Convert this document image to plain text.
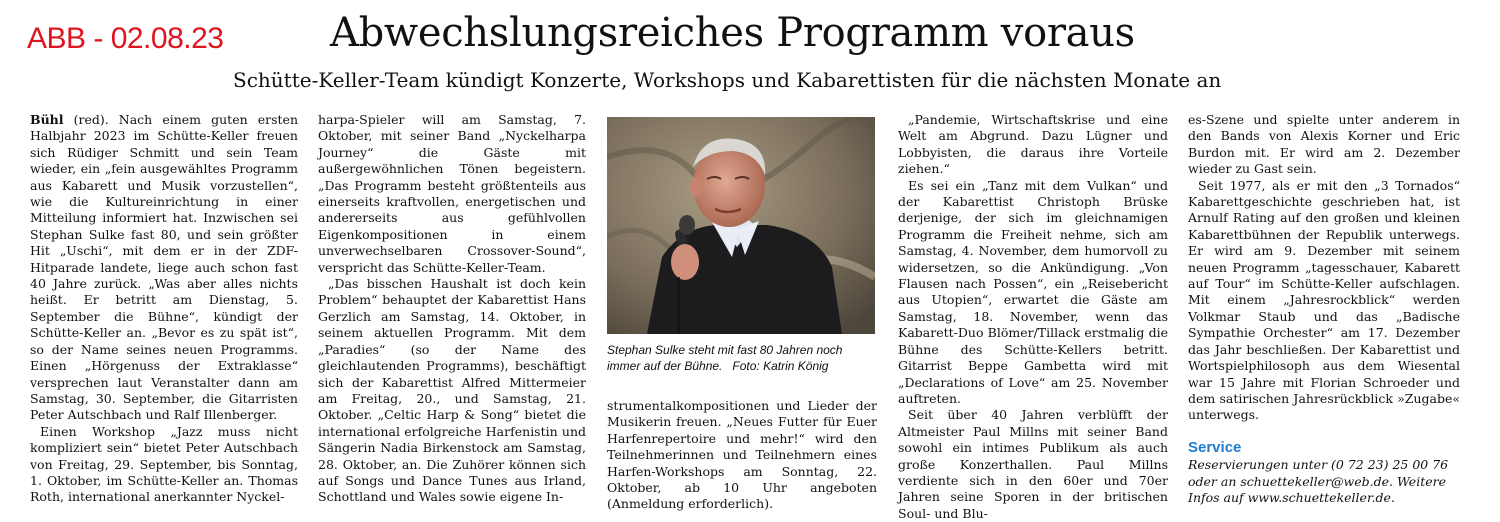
ABB - 02.08.23	Abwechslungsreiches Programm voraus
Schütte-Keller-Team kündigt Konzerte, Workshops und Kabarettisten für die nächsten Monate an

Bühl (red). Nach einem guten ersten Halbjahr 2023 im Schütte-Keller freuen sich Rüdiger Schmitt und sein Team wieder, ein „fein ausgewähltes Programm aus Kabarett und Musik vorzustellen“, wie die Kultureinrichtung in einer Mitteilung informiert hat. Inzwischen sei Stephan Sulke fast 80, und sein größter Hit „Uschi“, mit dem er in der ZDF-Hitparade landete, liege auch schon fast 40 Jahre zurück. „Was aber alles nichts heißt. Er betritt am Dienstag, 5. September die Bühne“, kündigt der Schütte-Keller an. „Bevor es zu spät ist“, so der Name seines neuen Programms. Einen „Hörgenuss der Extraklasse“ versprechen laut Veranstalter dann am Samstag, 30. September, die Gitarristen Peter Autschbach und Ralf Illenberger.

Einen Workshop „Jazz muss nicht kompliziert sein“ bietet Peter Autschbach von Freitag, 29. September, bis Sonntag, 1. Oktober, im Schütte-Keller an. Thomas Roth, international anerkannter Nyckel-

harpa-Spieler will am Samstag, 7. Oktober, mit seiner Band „Nyckelharpa Journey“ die Gäste mit außergewöhnlichen Tönen begeistern. „Das Programm besteht größtenteils aus einerseits kraftvollen, energetischen und andererseits aus gefühlvollen Eigenkompositionen in einem unverwechselbaren Crossover-Sound“, verspricht das Schütte-Keller-Team.

„Das bisschen Haushalt ist doch kein Problem“ behauptet der Kabarettist Hans Gerzlich am Samstag, 14. Oktober, in seinem aktuellen Programm. Mit dem „Paradies“ (so der Name des gleichlautenden Programms), beschäftigt sich der Kabarettist Alfred Mittermeier am Freitag, 20., und Samstag, 21. Oktober. „Celtic Harp & Song“ bietet die international erfolgreiche Harfenistin und Sängerin Nadia Birkenstock am Samstag, 28. Oktober, an. Die Zuhörer können sich auf Songs und Dance Tunes aus Irland, Schottland und Wales sowie eigene In-

Stephan Sulke steht mit fast 80 Jahren noch immer auf der Bühne. Foto: Katrin König

strumentalkompositionen und Lieder der Musikerin freuen. „Neues Futter für Euer Harfenrepertoire und mehr!“ wird den Teilnehmerinnen und Teilnehmern eines Harfen-Workshops am Sonntag, 22. Oktober, ab 10 Uhr angeboten (Anmeldung erforderlich).

„Pandemie, Wirtschaftskrise und eine Welt am Abgrund. Dazu Lügner und Lobbyisten, die daraus ihre Vorteile ziehen.“

Es sei ein „Tanz mit dem Vulkan“ und der Kabarettist Christoph Brüske derjenige, der sich im gleichnamigen Programm die Freiheit nehme, sich am Samstag, 4. November, dem humorvoll zu widersetzen, so die Ankündigung. „Von Flausen nach Possen“, ein „Reisebericht aus Utopien“, erwartet die Gäste am Samstag, 18. November, wenn das Kabarett-Duo Blömer/Tillack erstmalig die Bühne des Schütte-Kellers betritt. Gitarrist Beppe Gambetta wird mit „Declarations of Love“ am 25. November auftreten.

Seit über 40 Jahren verblüfft der Altmeister Paul Millns mit seiner Band sowohl ein intimes Publikum als auch große Konzerthallen. Paul Millns verdiente sich in den 60er und 70er Jahren seine Sporen in der britischen Soul- und Blu-

es-Szene und spielte unter anderem in den Bands von Alexis Korner und Eric Burdon mit. Er wird am 2. Dezember wieder zu Gast sein.

Seit 1977, als er mit den „3 Tornados“ Kabarettgeschichte geschrieben hat, ist Arnulf Rating auf den großen und kleinen Kabarettbühnen der Republik unterwegs. Er wird am 9. Dezember mit seinem neuen Programm „tagesschauer, Kabarett auf Tour“ im Schütte-Keller aufschlagen. Mit einem „Jahresrockblick“ werden Volkmar Staub und das „Badische Sympathie Orchester“ am 17. Dezember das Jahr beschließen. Der Kabarettist und Wortspielphilosoph aus dem Wiesental war 15 Jahre mit Florian Schroeder und dem satirischen Jahresrückblick »Zugabe« unterwegs.

Service
Reservierungen unter (0 72 23) 25 00 76 oder an schuettekeller@web.de. Weitere Infos auf www.schuettekeller.de.
